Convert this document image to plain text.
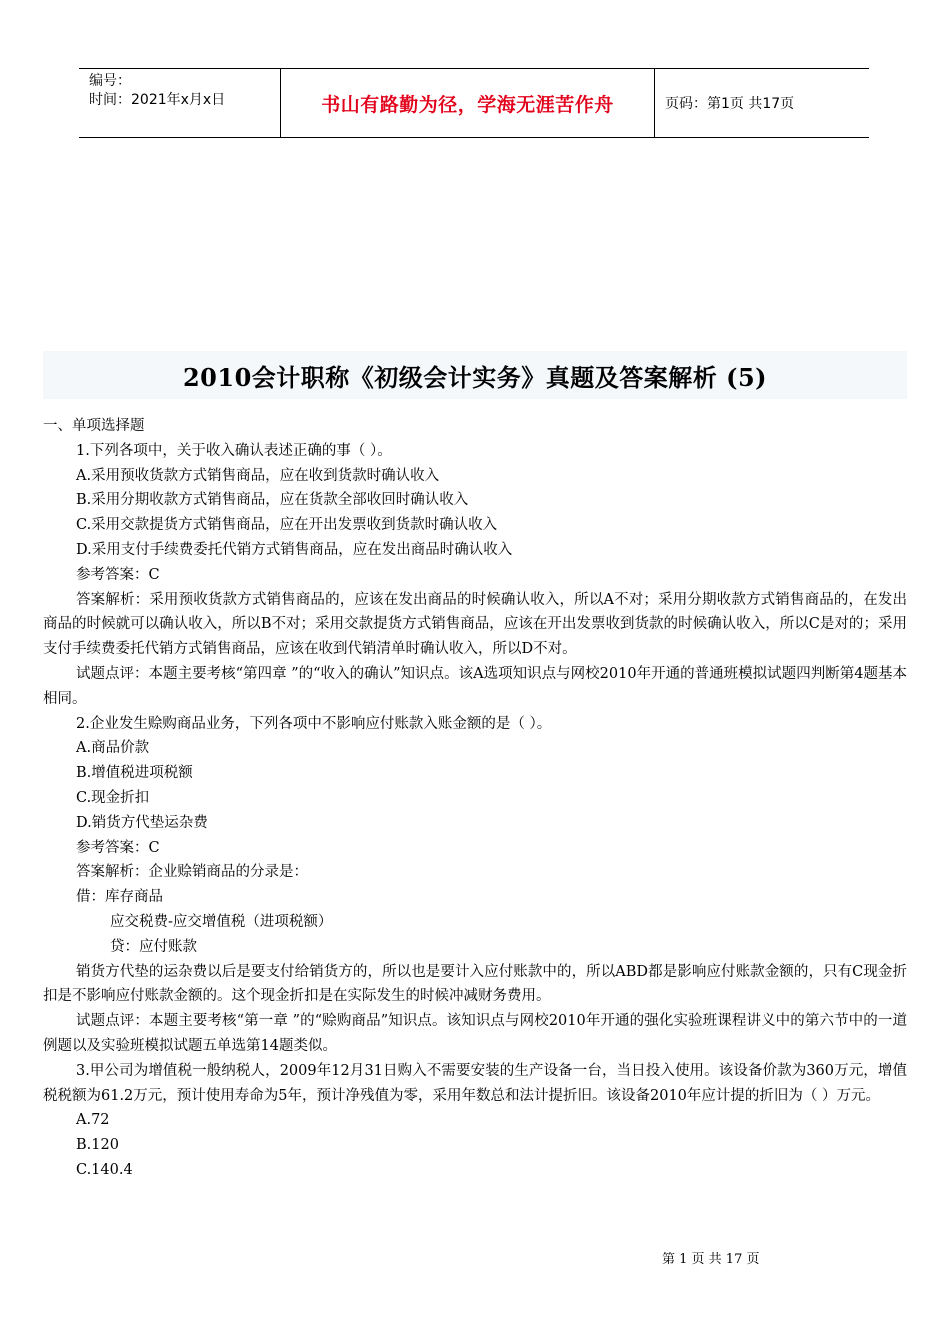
编号：
时间：2021年x月x日	书山有路勤为径，学海无涯苦作舟	页码：第1页 共17页
2010会计职称《初级会计实务》真题及答案解析 (5)
一、单项选择题
1.下列各项中，关于收入确认表述正确的事（ ）。
A.采用预收货款方式销售商品，应在收到货款时确认收入
B.采用分期收款方式销售商品，应在货款全部收回时确认收入
C.采用交款提货方式销售商品，应在开出发票收到货款时确认收入
D.采用支付手续费委托代销方式销售商品，应在发出商品时确认收入
参考答案：C
答案解析：采用预收货款方式销售商品的，应该在发出商品的时候确认收入，所以A不对；采用分期收款方式销售商品的，在发出商品的时候就可以确认收入，所以B不对；采用交款提货方式销售商品，应该在开出发票收到货款的时候确认收入，所以C是对的；采用支付手续费委托代销方式销售商品，应该在收到代销清单时确认收入，所以D不对。
试题点评：本题主要考核“第四章 ”的“收入的确认”知识点。该A选项知识点与网校2010年开通的普通班模拟试题四判断第4题基本相同。
2.企业发生赊购商品业务，下列各项中不影响应付账款入账金额的是（ ）。
A.商品价款
B.增值税进项税额
C.现金折扣
D.销货方代垫运杂费
参考答案：C
答案解析：企业赊销商品的分录是：
借：库存商品
应交税费-应交增值税（进项税额）
贷：应付账款
销货方代垫的运杂费以后是要支付给销货方的，所以也是要计入应付账款中的，所以ABD都是影响应付账款金额的，只有C现金折扣是不影响应付账款金额的。这个现金折扣是在实际发生的时候冲减财务费用。
试题点评：本题主要考核“第一章 ”的“赊购商品”知识点。该知识点与网校2010年开通的强化实验班课程讲义中的第六节中的一道例题以及实验班模拟试题五单选第14题类似。
3.甲公司为增值税一般纳税人，2009年12月31日购入不需要安装的生产设备一台，当日投入使用。该设备价款为360万元，增值税税额为61.2万元，预计使用寿命为5年，预计净残值为零，采用年数总和法计提折旧。该设备2010年应计提的折旧为（ ）万元。
A.72
B.120
C.140.4
第 1 页 共 17 页
